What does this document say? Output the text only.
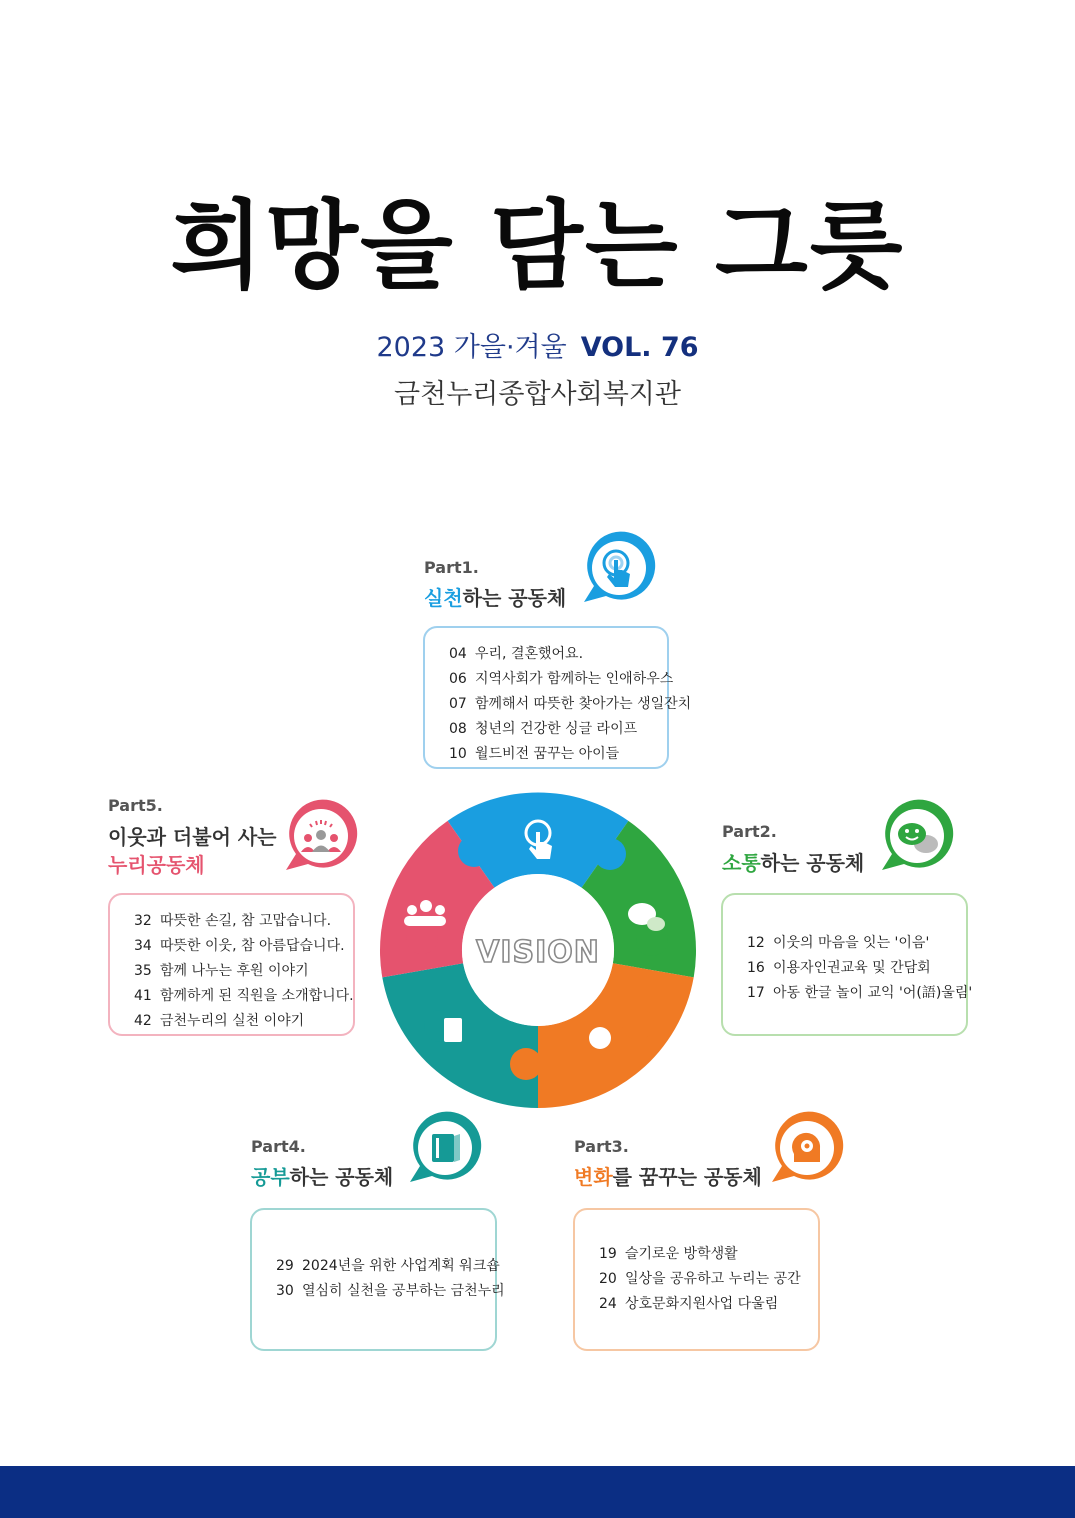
희망을 담는 그릇
2023 가을·겨울 VOL. 76
금천누리종합사회복지관
Part1.
실천하는 공동체
04 우리, 결혼했어요.
06 지역사회가 함께하는 인애하우스
07 함께해서 따뜻한 찾아가는 생일잔치
08 청년의 건강한 싱글 라이프
10 월드비전 꿈꾸는 아이들
Part5.
이웃과 더불어 사는
누리공동체
32 따뜻한 손길, 참 고맙습니다.
34 따뜻한 이웃, 참 아름답습니다.
35 함께 나누는 후원 이야기
41 함께하게 된 직원을 소개합니다.
42 금천누리의 실천 이야기
Part2.
소통하는 공동체
12 이웃의 마음을 잇는 '이음'
16 이용자인권교육 및 간담회
17 아동 한글 놀이 교익 '어(語)울림'
VISION
Part4.
공부하는 공동체
29 2024년을 위한 사업계획 워크숍
30 열심히 실천을 공부하는 금천누리
Part3.
변화를 꿈꾸는 공동체
19 슬기로운 방학생활
20 일상을 공유하고 누리는 공간
24 상호문화지원사업 다울림
